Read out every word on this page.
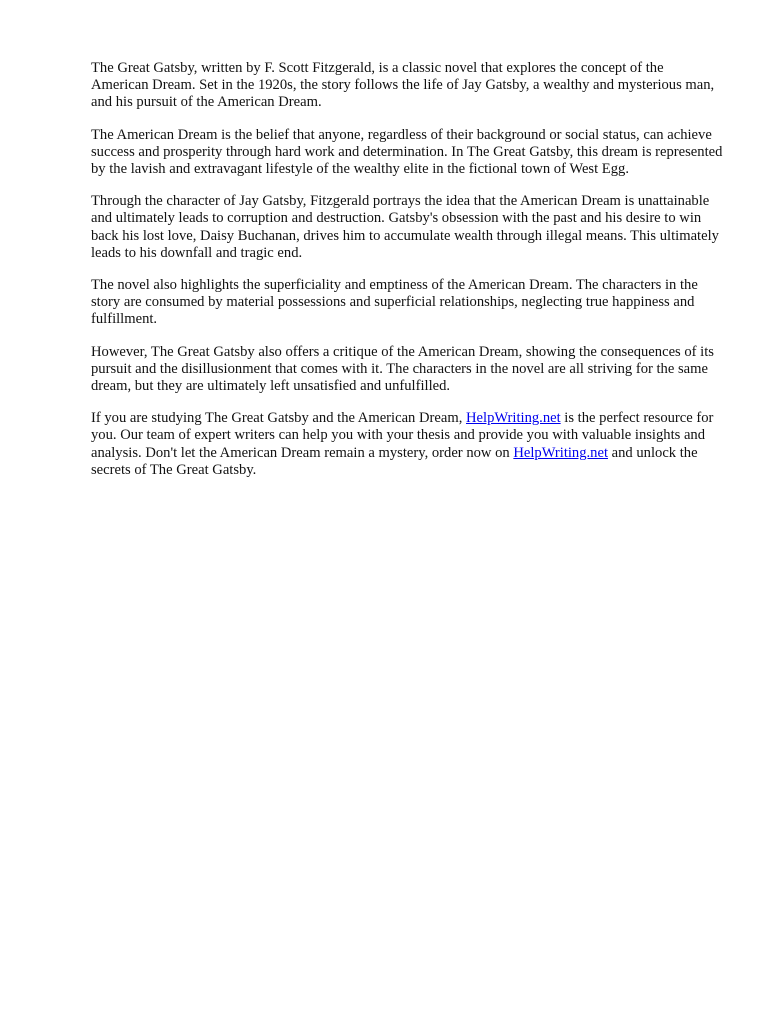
The Great Gatsby, written by F. Scott Fitzgerald, is a classic novel that explores the concept of the American Dream. Set in the 1920s, the story follows the life of Jay Gatsby, a wealthy and mysterious man, and his pursuit of the American Dream.

The American Dream is the belief that anyone, regardless of their background or social status, can achieve success and prosperity through hard work and determination. In The Great Gatsby, this dream is represented by the lavish and extravagant lifestyle of the wealthy elite in the fictional town of West Egg.

Through the character of Jay Gatsby, Fitzgerald portrays the idea that the American Dream is unattainable and ultimately leads to corruption and destruction. Gatsby's obsession with the past and his desire to win back his lost love, Daisy Buchanan, drives him to accumulate wealth through illegal means. This ultimately leads to his downfall and tragic end.

The novel also highlights the superficiality and emptiness of the American Dream. The characters in the story are consumed by material possessions and superficial relationships, neglecting true happiness and fulfillment.

However, The Great Gatsby also offers a critique of the American Dream, showing the consequences of its pursuit and the disillusionment that comes with it. The characters in the novel are all striving for the same dream, but they are ultimately left unsatisfied and unfulfilled.

If you are studying The Great Gatsby and the American Dream, HelpWriting.net is the perfect resource for you. Our team of expert writers can help you with your thesis and provide you with valuable insights and analysis. Don't let the American Dream remain a mystery, order now on HelpWriting.net and unlock the secrets of The Great Gatsby.
